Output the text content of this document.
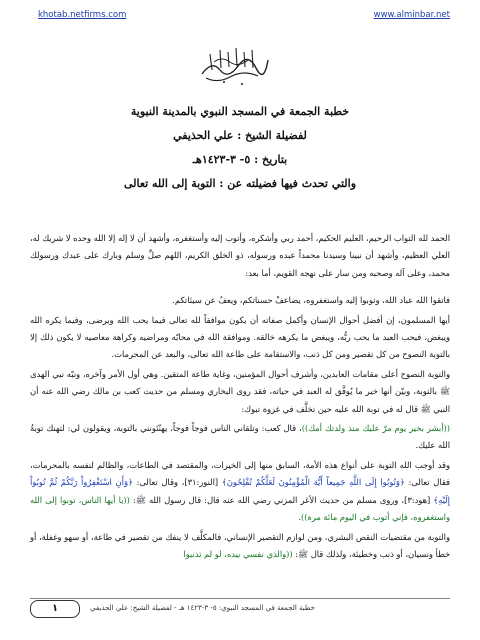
khotab.netfirms.com	www.alminbar.net
خطبة الجمعة في المسجد النبوي بالمدينة النبوية
لفضيلة الشيخ : علي الحذيفي
بتاريخ : ٥- ٣-١٤٢٣هـ
والتي تحدث فيها فضيلته عن : التوبة إلى الله تعالى

الحمد لله التواب الرحيم، العليم الحكيم، أحمد ربي وأشكره، وأتوب إليه وأستغفره، وأشهد أن لا إله إلا الله وحده لا شريك له، العلي العظيم، وأشهد أن نبينا وسيدنا محمداً عبده ورسوله، ذو الخلق الكريم، اللهم صلِّ وسلم وبارك على عبدك ورسولك محمد، وعلى آله وصحبه ومن سار على نهجه القويم، أما بعد:

فاتقوا الله عباد الله، وتوبوا إليه واستغفروه، يضاعفْ حسناتكم، ويعفُ عن سيئاتكم.

أيها المسلمون، إن أفضل أحوال الإنسان وأكمل صفاته أن يكون موافقاً لله تعالى فيما يحب الله ويرضى، وفيما يكره الله ويبغض، فيحب العبد ما يحب ربُّه، ويبغض ما يكرهه خالقه. وموافقة الله في محابّه ومراضيه وكراهة معاصيه لا يكون ذلك إلا بالتوبة النصوح من كل تقصير ومن كل ذنب، والاستقامة على طاعة الله تعالى، والبعد عن المحرمات.

والتوبة النصوح أعلى مقامات العابدين، وأشرف أحوال المؤمنين، وغاية طاعة المتقين. وهي أول الأمر وآخره، ونبّه نبي الهدى ﷺ بالتوبة، وبيّن أنها خير ما يُوفَّق له العبد في حياته، فقد روى البخاري ومسلم من حديث كعب بن مالك رضي الله عنه أن النبي ﷺ قال له في توبة الله عليه حين تخلَّف في غزوة تبوك:

((أبشر بخير يوم مرّ عليك منذ ولدتك أمك))، قال كعب: وتلقاني الناس فوجاً فوجاً، يهنّئونني بالتوبة، ويقولون لي: لتهنك توبةُ الله عليك.

وقد أوجب الله التوبة على أنواع هذه الأمة، السابق منها إلى الخيرات، والمقتصد في الطاعات، والظالم لنفسه بالمحرمات، فقال تعالى: ﴿وَتُوبُوا إِلَى اللَّهِ جَمِيعاً أَيُّهَ الْمُؤْمِنُونَ لَعَلَّكُمْ تُفْلِحُونَ﴾ [النور:٣١]، وقال تعالى: ﴿وَأَنِ اسْتَغْفِرُواْ رَبَّكُمْ ثُمَّ تُوبُواْ إِلَيْهِ﴾ [هود:٣]، وروى مسلم من حديث الأغر المزني رضي الله عنه قال: قال رسول الله ﷺ: ((يا أيها الناس، توبوا إلى الله واستغفروه، فإني أتوب في اليوم مائة مرة)).

والتوبة من مقتضيات النقص البشري، ومن لوازم التقصير الإنساني، فالمكلَّف لا ينفك من تقصير في طاعة، أو سهو وغفلة، أو خطأ ونسيان، أو ذنب وخطيئة، ولذلك قال ﷺ: ((والذي نفسي بيده، لو لم تذنبوا

١	خطبة الجمعة في المسجد النبوي: ٥- ٣-١٤٢٣ هـ - لفضيلة الشيخ: علي الحذيفي
